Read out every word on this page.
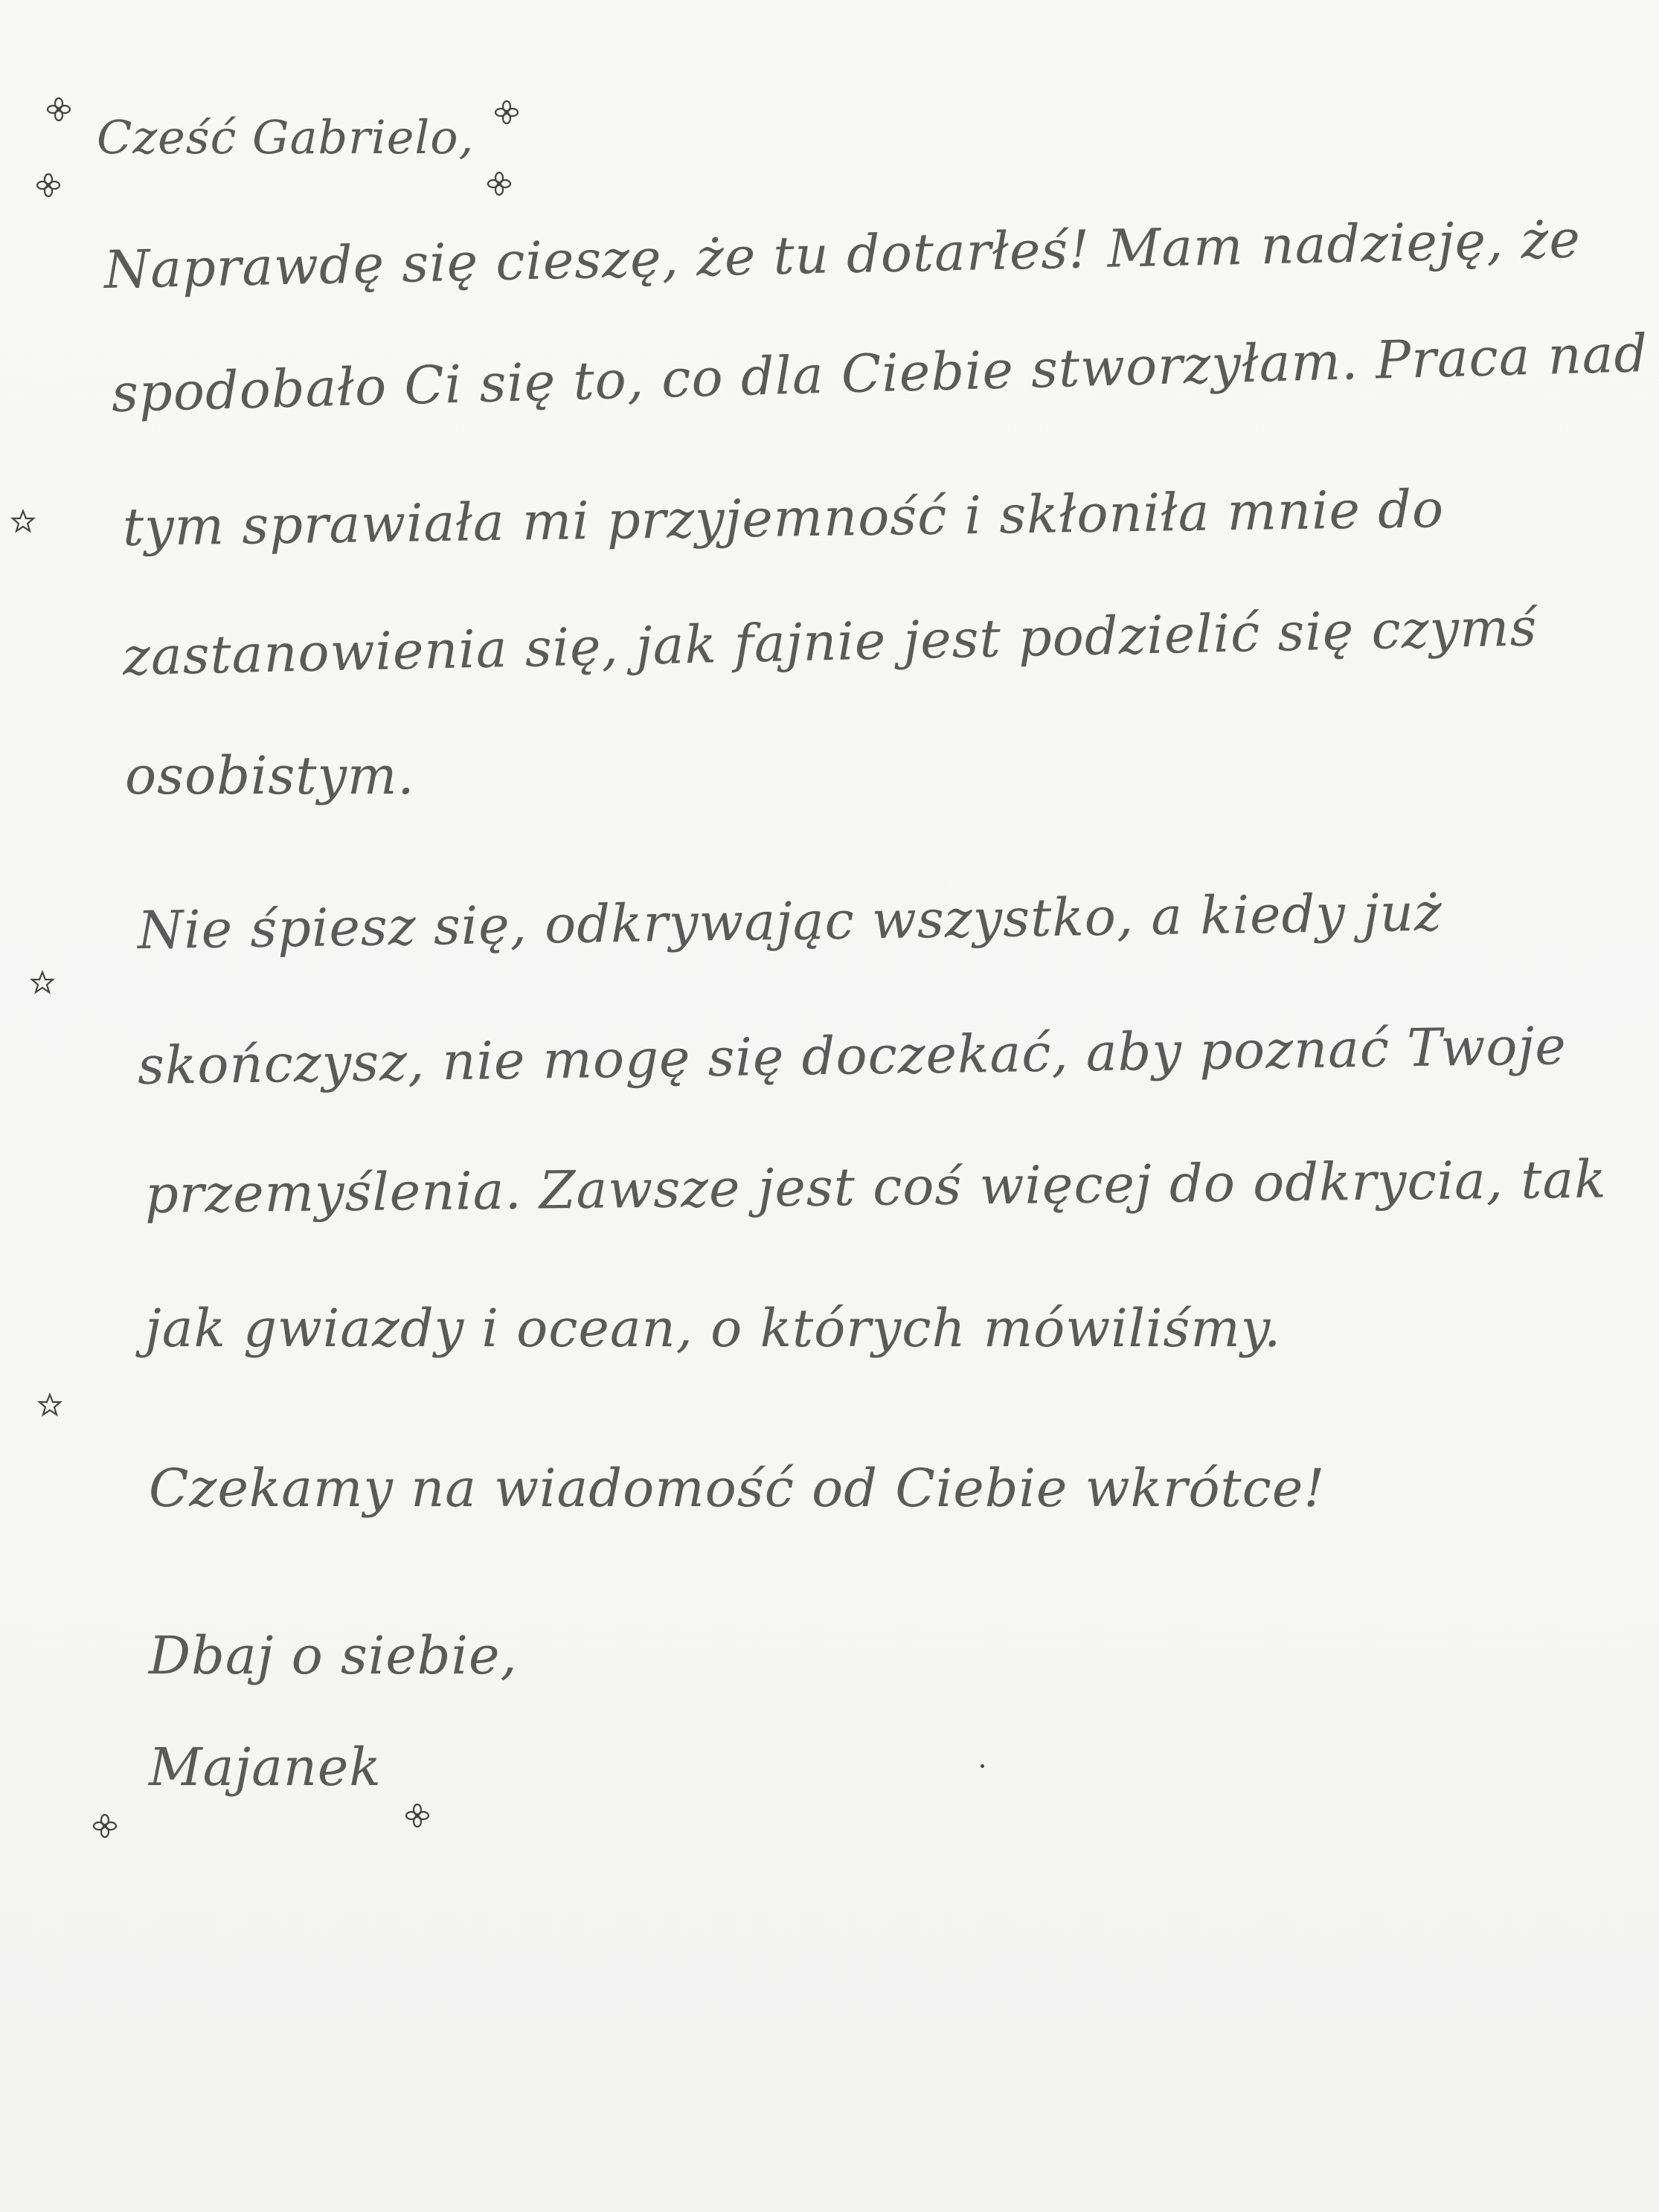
Cześć Gabrielo,
Naprawdę się cieszę, że tu dotarłeś! Mam nadzieję, że
spodobało Ci się to, co dla Ciebie stworzyłam. Praca nad
tym sprawiała mi przyjemność i skłoniła mnie do
zastanowienia się, jak fajnie jest podzielić się czymś
osobistym.
Nie śpiesz się, odkrywając wszystko, a kiedy już
skończysz, nie mogę się doczekać, aby poznać Twoje
przemyślenia. Zawsze jest coś więcej do odkrycia, tak
jak gwiazdy i ocean, o których mówiliśmy.
Czekamy na wiadomość od Ciebie wkrótce!
Dbaj o siebie,
Majanek
